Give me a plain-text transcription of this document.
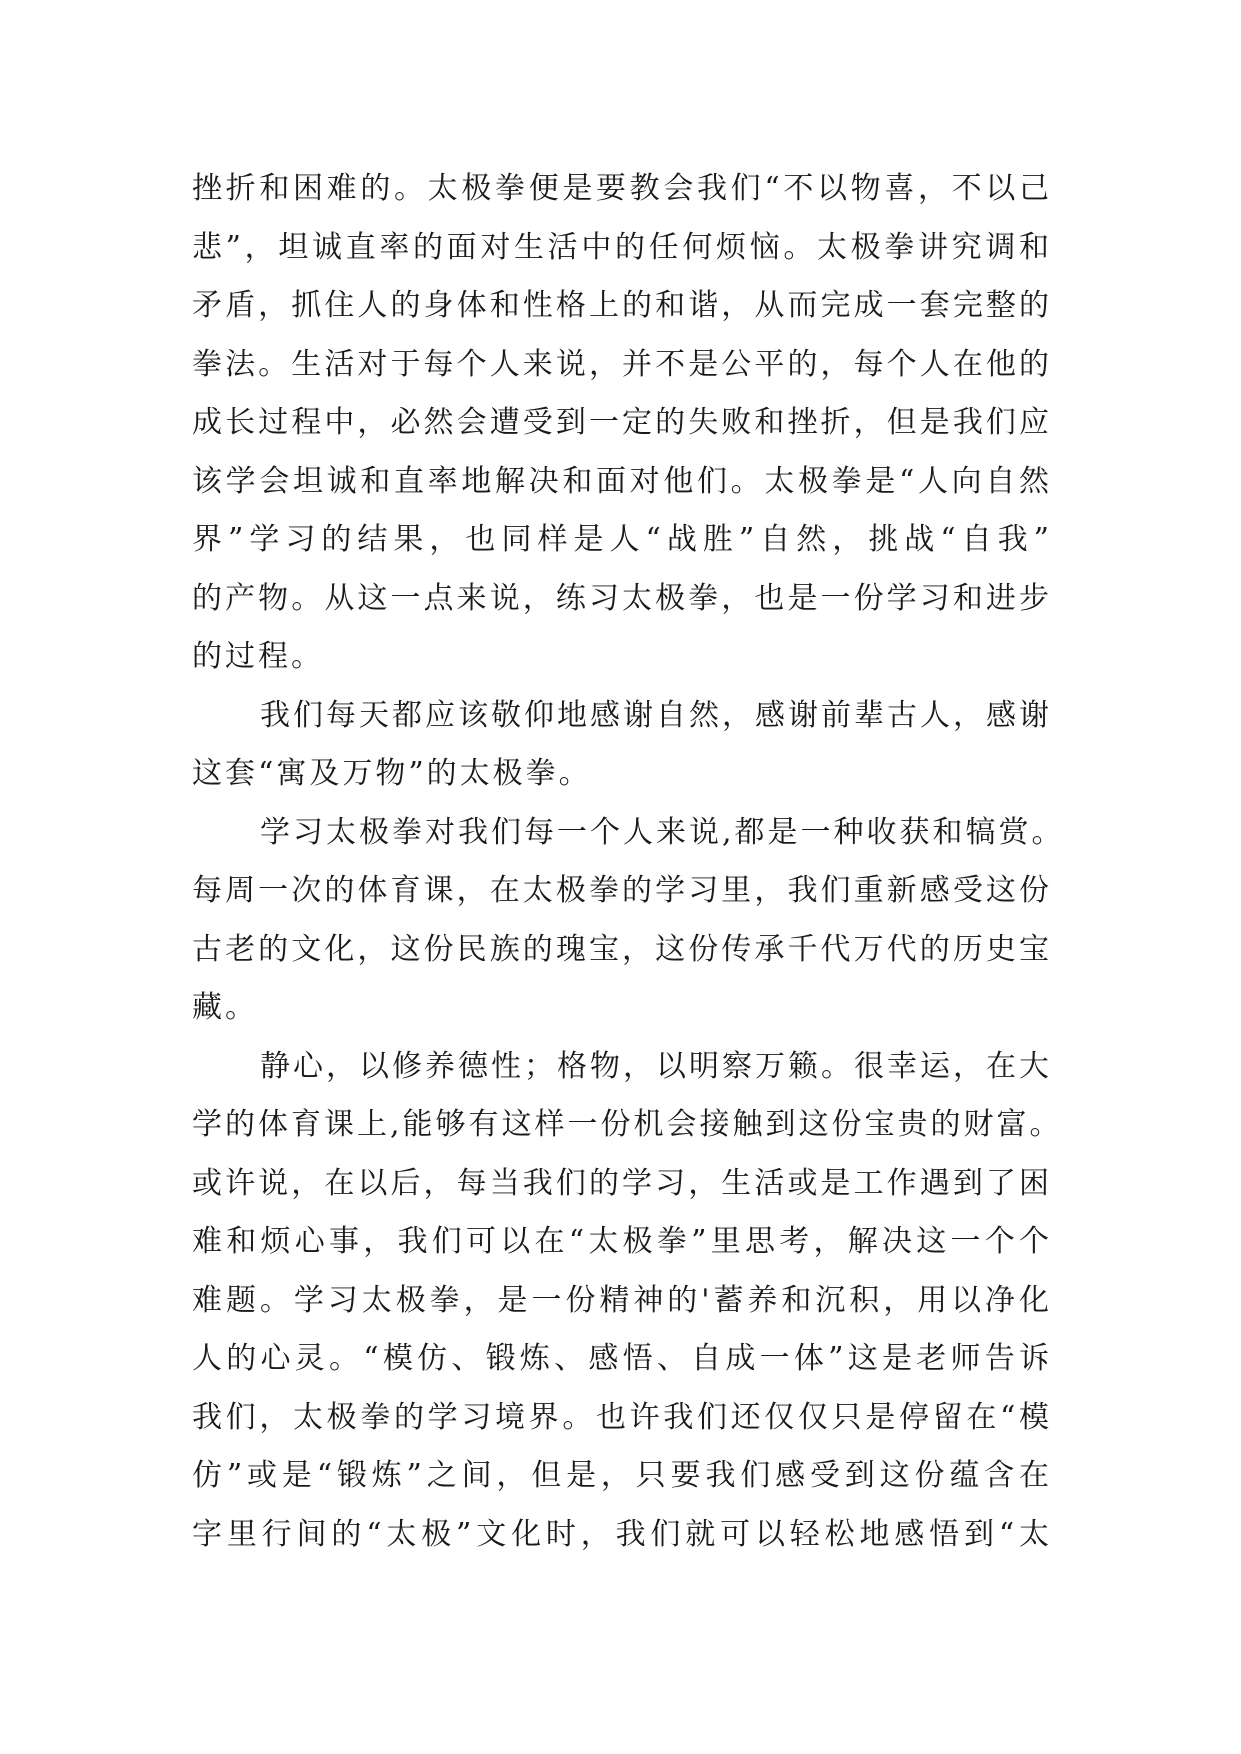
挫折和困难的。太极拳便是要教会我们“不以物喜，不以己
悲”，坦诚直率的面对生活中的任何烦恼。太极拳讲究调和
矛盾，抓住人的身体和性格上的和谐，从而完成一套完整的
拳法。生活对于每个人来说，并不是公平的，每个人在他的
成长过程中，必然会遭受到一定的失败和挫折，但是我们应
该学会坦诚和直率地解决和面对他们。太极拳是“人向自然
界”学习的结果，也同样是人“战胜”自然，挑战“自我”
的产物。从这一点来说，练习太极拳，也是一份学习和进步
的过程。
我们每天都应该敬仰地感谢自然，感谢前辈古人，感谢
这套“寓及万物”的太极拳。
学习太极拳对我们每一个人来说,都是一种收获和犒赏。
每周一次的体育课，在太极拳的学习里，我们重新感受这份
古老的文化，这份民族的瑰宝，这份传承千代万代的历史宝
藏。
静心，以修养德性；格物，以明察万籁。很幸运，在大
学的体育课上,能够有这样一份机会接触到这份宝贵的财富。
或许说，在以后，每当我们的学习，生活或是工作遇到了困
难和烦心事，我们可以在“太极拳”里思考，解决这一个个
难题。学习太极拳，是一份精神的'蓄养和沉积，用以净化
人的心灵。“模仿、锻炼、感悟、自成一体”这是老师告诉
我们，太极拳的学习境界。也许我们还仅仅只是停留在“模
仿”或是“锻炼”之间，但是，只要我们感受到这份蕴含在
字里行间的“太极”文化时，我们就可以轻松地感悟到“太
